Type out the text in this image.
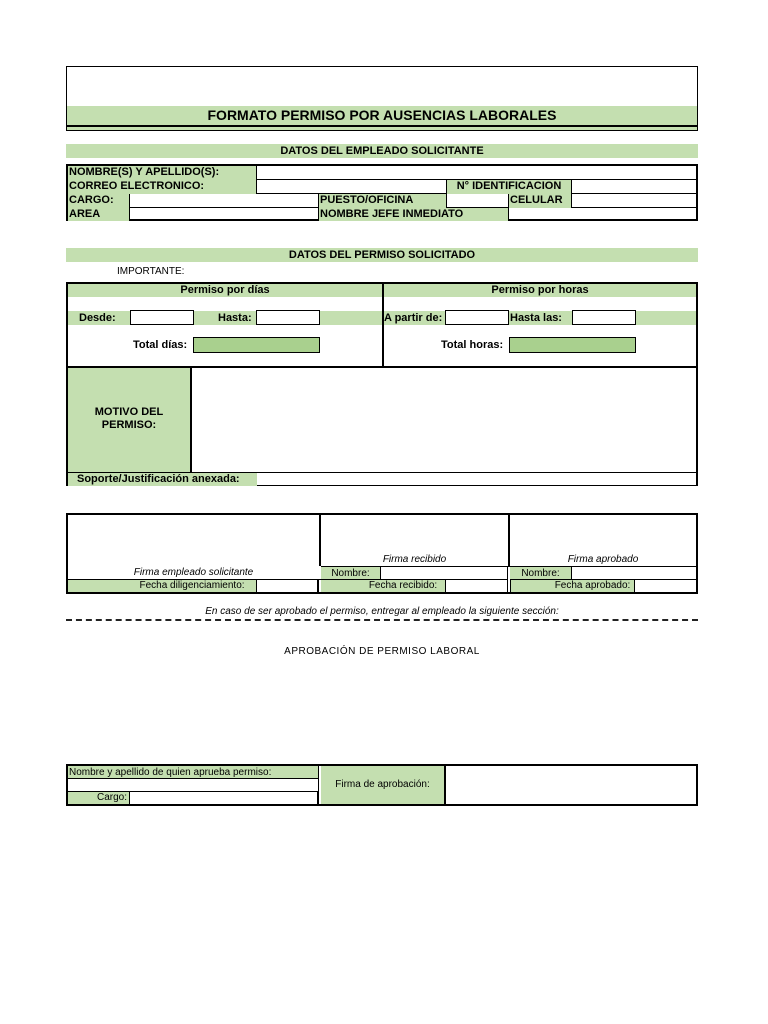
FORMATO PERMISO POR AUSENCIAS LABORALES
DATOS DEL EMPLEADO SOLICITANTE
NOMBRE(S) Y APELLIDO(S):
CORREO ELECTRONICO:	N° IDENTIFICACION
CARGO:	PUESTO/OFICINA	CELULAR
AREA	NOMBRE JEFE INMEDIATO
DATOS DEL PERMISO SOLICITADO
IMPORTANTE:
Permiso por días	Permiso por horas
Desde:	Hasta:	A partir de:	Hasta las:
Total días:	Total horas:
MOTIVO DEL
PERMISO:
Soporte/Justificación anexada:
Firma recibido	Firma aprobado
Firma empleado solicitante	Nombre:	Nombre:
Fecha diligenciamiento:	Fecha recibido:	Fecha aprobado:
En caso de ser aprobado el permiso, entregar al empleado la siguiente sección:
APROBACIÓN DE PERMISO LABORAL
Nombre y apellido de quien aprueba permiso:
Cargo:
Firma de aprobación:
